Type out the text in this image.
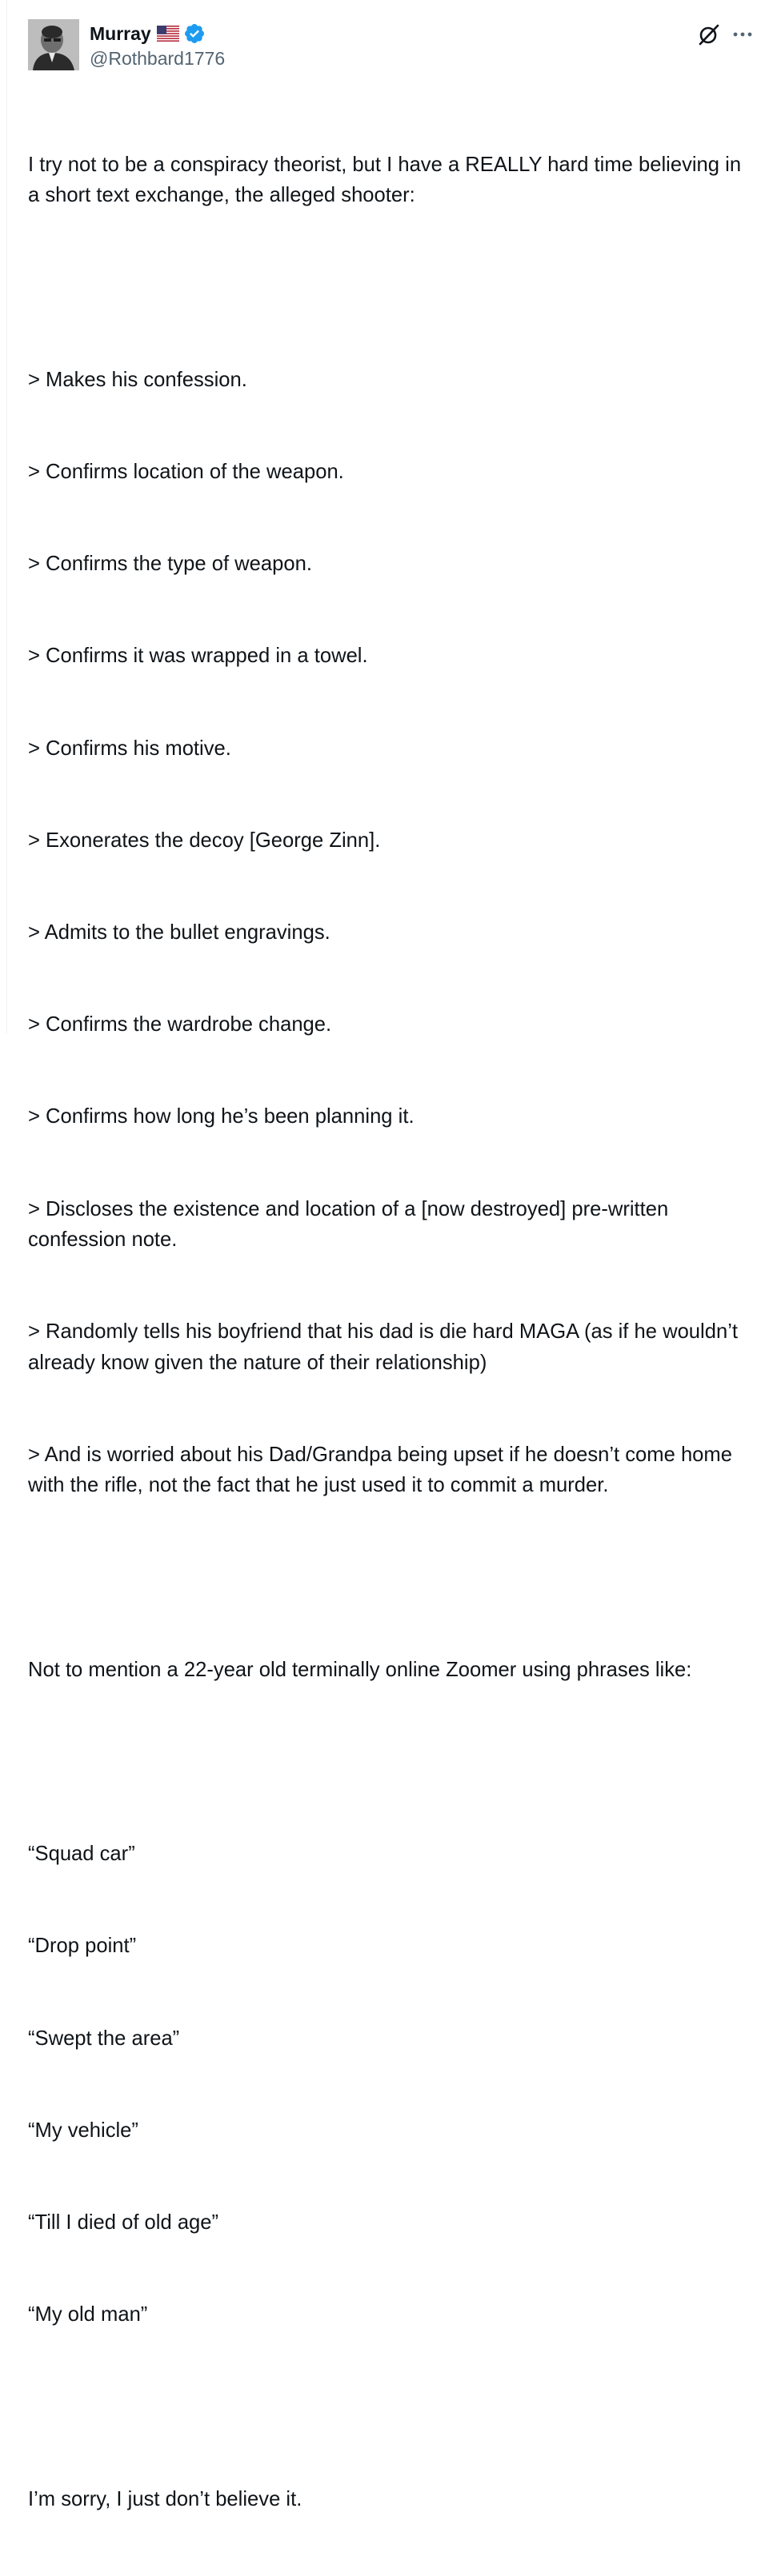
Murray
@Rothbard1776

I try not to be a conspiracy theorist, but I have a REALLY hard time believing in a short text exchange, the alleged shooter:

> Makes his confession.

> Confirms location of the weapon.

> Confirms the type of weapon.

> Confirms it was wrapped in a towel.

> Confirms his motive.

> Exonerates the decoy [George Zinn].

> Admits to the bullet engravings.

> Confirms the wardrobe change.

> Confirms how long he’s been planning it.

> Discloses the existence and location of a [now destroyed] pre-written confession note.

> Randomly tells his boyfriend that his dad is die hard MAGA (as if he wouldn’t already know given the nature of their relationship)

> And is worried about his Dad/Grandpa being upset if he doesn’t come home with the rifle, not the fact that he just used it to commit a murder.

Not to mention a 22-year old terminally online Zoomer using phrases like:

“Squad car”

“Drop point”

“Swept the area”

“My vehicle”

“Till I died of old age”

“My old man”

I’m sorry, I just don’t believe it.
